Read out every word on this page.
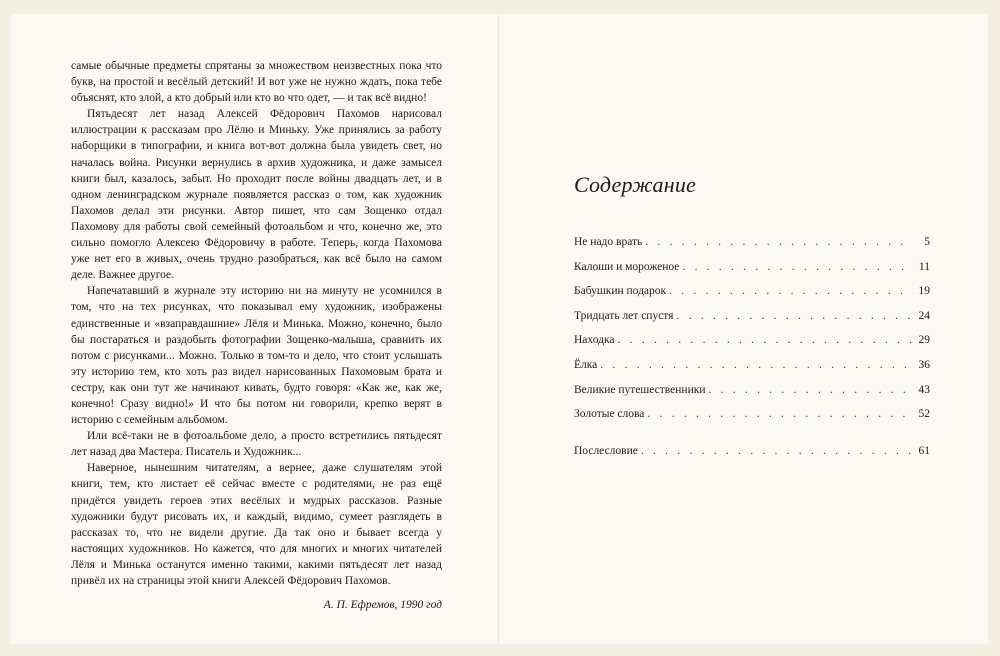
самые обычные предметы спрятаны за множеством неизвестных пока что букв, на простой и весёлый детский! И вот уже не нужно ждать, пока тебе объяснят, кто злой, а кто добрый или кто во что одет, — и так всё видно!

Пятьдесят лет назад Алексей Фёдорович Пахомов нарисовал иллюстрации к рассказам про Лёлю и Миньку. Уже принялись за работу наборщики в типографии, и книга вот-вот должна была увидеть свет, но началась война. Рисунки вернулись в архив художника, и даже замысел книги был, казалось, забыт. Но проходит после войны двадцать лет, и в одном ленинградском журнале появляется рассказ о том, как художник Пахомов делал эти рисунки. Автор пишет, что сам Зощенко отдал Пахомову для работы свой семейный фотоальбом и что, конечно же, это сильно помогло Алексею Фёдоровичу в работе. Теперь, когда Пахомова уже нет его в живых, очень трудно разобраться, как всё было на самом деле. Важнее другое.

Напечатавший в журнале эту историю ни на минуту не усомнился в том, что на тех рисунках, что показывал ему художник, изображены единственные и «взаправдашние» Лёля и Минька. Можно, конечно, было бы постараться и раздобыть фотографии Зощенко-малыша, сравнить их потом с рисунками... Можно. Только в том-то и дело, что стоит услышать эту историю тем, кто хоть раз видел нарисованных Пахомовым брата и сестру, как они тут же начинают кивать, будто говоря: «Как же, как же, конечно! Сразу видно!» И что бы потом ни говорили, крепко верят в историю с семейным альбомом.

Или всё-таки не в фотоальбоме дело, а просто встретились пятьдесят лет назад два Мастера. Писатель и Художник...

Наверное, нынешним читателям, а вернее, даже слушателям этой книги, тем, кто листает её сейчас вместе с родителями, не раз ещё придётся увидеть героев этих весёлых и мудрых рассказов. Разные художники будут рисовать их, и каждый, видимо, сумеет разглядеть в рассказах то, что не видели другие. Да так оно и бывает всегда у настоящих художников. Но кажется, что для многих и многих читателей Лёля и Минька останутся именно такими, какими пятьдесят лет назад привёл их на страницы этой книги Алексей Фёдорович Пахомов.

А. П. Ефремов, 1990 год
Содержание
Не надо врать . . .	5
Калоши и мороженое . . .	11
Бабушкин подарок . . .	19
Тридцать лет спустя . . .	24
Находка . . .	29
Ёлка . . .	36
Великие путешественники . . .	43
Золотые слова . . .	52
Послесловие . . .	61
